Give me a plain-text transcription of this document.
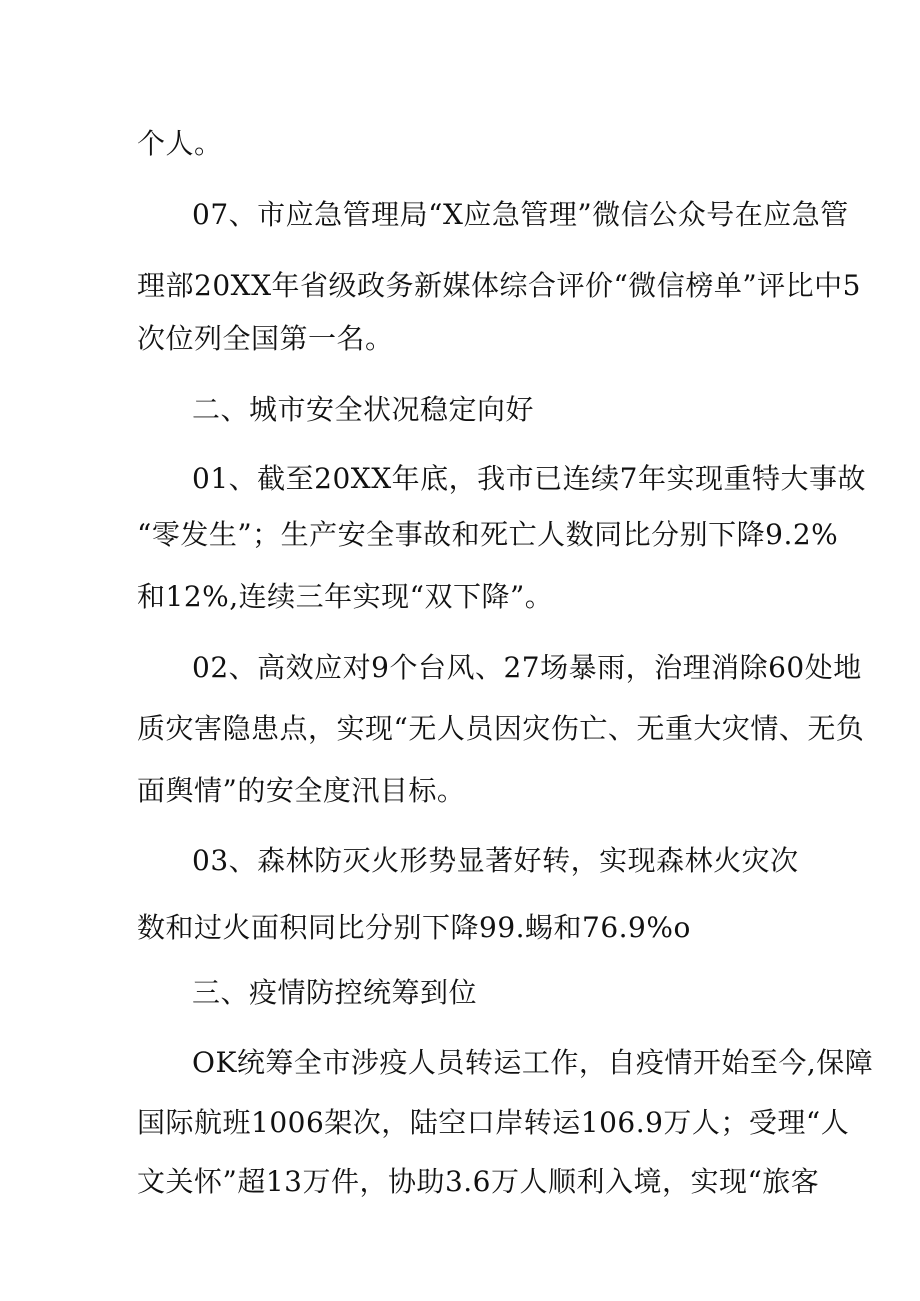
个人。
07、市应急管理局“X应急管理”微信公众号在应急管
理部20XX年省级政务新媒体综合评价“微信榜单”评比中5
次位列全国第一名。
二、城市安全状况稳定向好
01、截至20XX年底，我市已连续7年实现重特大事故
“零发生”；生产安全事故和死亡人数同比分别下降9.2%
和12%,连续三年实现“双下降”。
02、高效应对9个台风、27场暴雨，治理消除60处地
质灾害隐患点，实现“无人员因灾伤亡、无重大灾情、无负
面舆情”的安全度汛目标。
03、森林防灭火形势显著好转，实现森林火灾次
数和过火面积同比分别下降99.蜴和76.9%o
三、疫情防控统筹到位
OK统筹全市涉疫人员转运工作，自疫情开始至今,保障
国际航班1006架次，陆空口岸转运106.9万人；受理“人
文关怀”超13万件，协助3.6万人顺利入境，实现“旅客
